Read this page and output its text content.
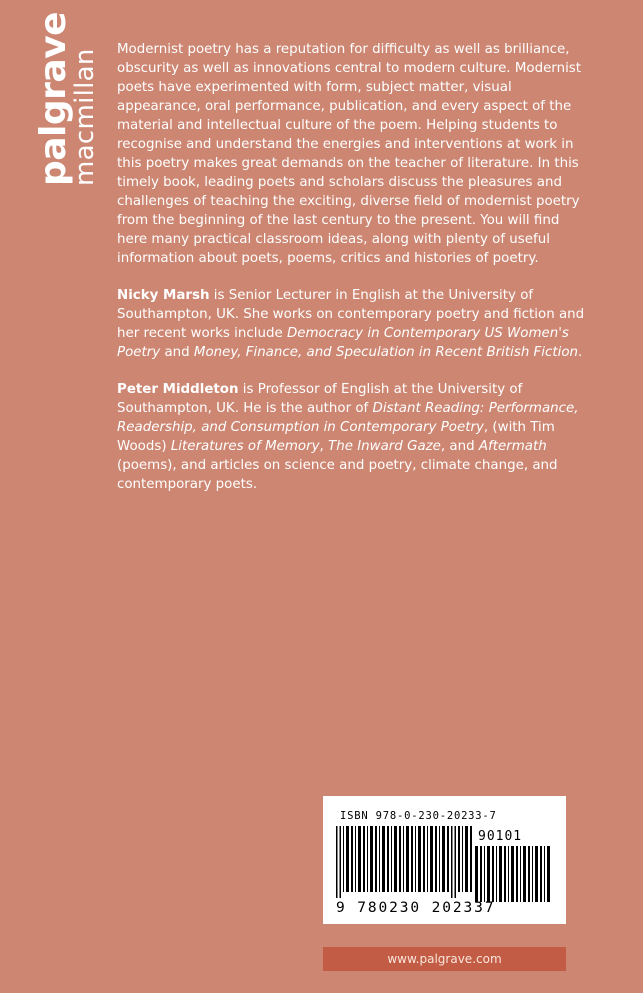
palgrave
macmillan Modernist poetry has a reputation for difficulty as well as brilliance, obscurity as well as innovations central to modern culture. Modernist poets have experimented with form, subject matter, visual appearance, oral performance, publication, and every aspect of the material and intellectual culture of the poem. Helping students to recognise and understand the energies and interventions at work in this poetry makes great demands on the teacher of literature. In this timely book, leading poets and scholars discuss the pleasures and challenges of teaching the exciting, diverse field of modernist poetry from the beginning of the last century to the present. You will find here many practical classroom ideas, along with plenty of useful information about poets, poems, critics and histories of poetry.

Nicky Marsh is Senior Lecturer in English at the University of Southampton, UK. She works on contemporary poetry and fiction and her recent works include Democracy in Contemporary US Women's Poetry and Money, Finance, and Speculation in Recent British Fiction.

Peter Middleton is Professor of English at the University of Southampton, UK. He is the author of Distant Reading: Performance, Readership, and Consumption in Contemporary Poetry, (with Tim Woods) Literatures of Memory, The Inward Gaze, and Aftermath (poems), and articles on science and poetry, climate change, and contemporary poets.

ISBN 978-0-230-20233-7
90101
9 780230 202337
www.palgrave.com
